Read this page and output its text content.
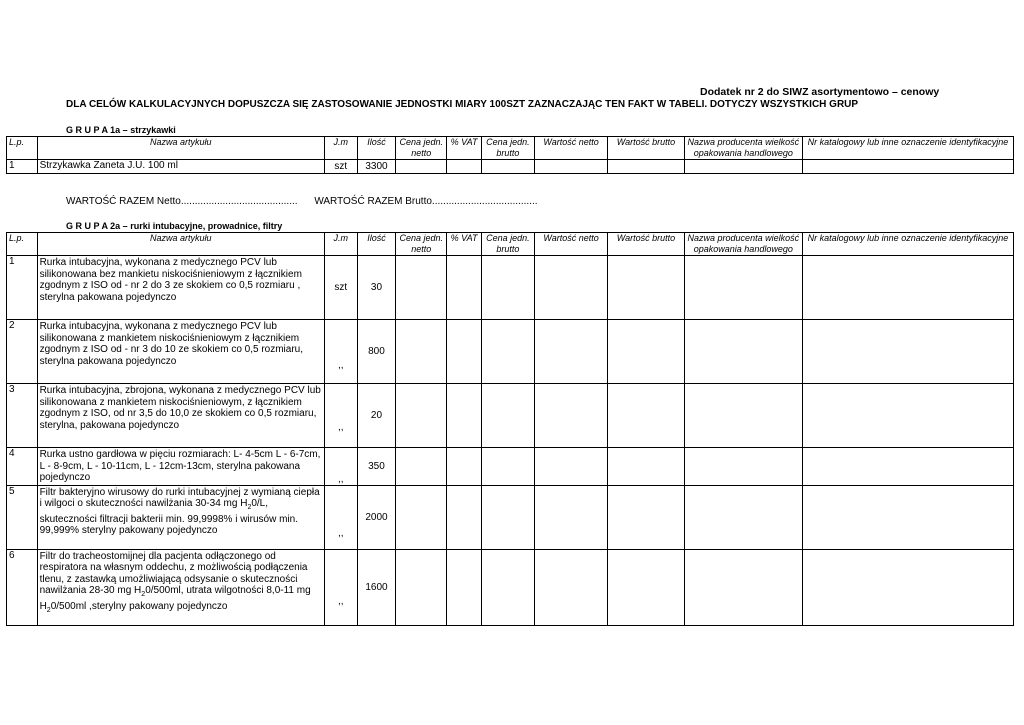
Dodatek nr 2 do SIWZ asortymentowo – cenowy
DLA CELÓW KALKULACYJNYCH DOPUSZCZA SIĘ ZASTOSOWANIE JEDNOSTKI MIARY 100SZT ZAZNACZAJĄC TEN FAKT W TABELI. DOTYCZY WSZYSTKICH GRUP
G R U P A 1a – strzykawki
L.p.	Nazwa artykułu	J.m	Ilość	Cena jedn. netto	% VAT	Cena jedn. brutto	Wartość netto	Wartość brutto	Nazwa producenta wielkość opakowania handlowego	Nr katalogowy lub inne oznaczenie identyfikacyjne
1	Strzykawka Żaneta J.U. 100 ml	szt	3300							
WARTOŚĆ RAZEM Netto.......................................... WARTOŚĆ RAZEM Brutto......................................
G R U P A 2a – rurki intubacyjne, prowadnice, filtry
L.p.	Nazwa artykułu	J.m	Ilość	Cena jedn. netto	% VAT	Cena jedn. brutto	Wartość netto	Wartość brutto	Nazwa producenta wielkość opakowania handlowego	Nr katalogowy lub inne oznaczenie identyfikacyjne
1	Rurka intubacyjna, wykonana z medycznego PCV lub silikonowana bez mankietu niskociśnieniowym z łącznikiem zgodnym z ISO od - nr 2 do 3 ze skokiem co 0,5 rozmiaru , sterylna pakowana pojedynczo	szt	30							
2	Rurka intubacyjna, wykonana z medycznego PCV lub silikonowana z mankietem niskociśnieniowym z łącznikiem zgodnym z ISO od - nr 3 do 10 ze skokiem co 0,5 rozmiaru, sterylna pakowana pojedynczo	,,	800							
3	Rurka intubacyjna, zbrojona, wykonana z medycznego PCV lub silikonowana z mankietem niskociśnieniowym, z łącznikiem zgodnym z ISO, od nr 3,5 do 10,0 ze skokiem co 0,5 rozmiaru, sterylna, pakowana pojedynczo	,,	20							
4	Rurka ustno gardłowa w pięciu rozmiarach: L- 4-5cm L - 6-7cm, L - 8-9cm, L - 10-11cm, L - 12cm-13cm, sterylna pakowana pojedynczo	,,	350							
5	Filtr bakteryjno wirusowy do rurki intubacyjnej z wymianą ciepła i wilgoci o skuteczności nawilżania 30-34 mg $H_20/L$, skuteczności filtracji bakterii min. 99,9998% i wirusów min. 99,999% sterylny pakowany pojedynczo	,,	2000							
6	Filtr do tracheostomijnej dla pacjenta odłączonego od respiratora na własnym oddechu, z możliwością podłączenia tlenu, z zastawką umożliwiającą odsysanie o skuteczności nawilżania 28-30 mg $H_20/500ml$, utrata wilgotności 8,0-11 mg $H_20/500ml$ ,sterylny pakowany pojedynczo	,,	1600							
